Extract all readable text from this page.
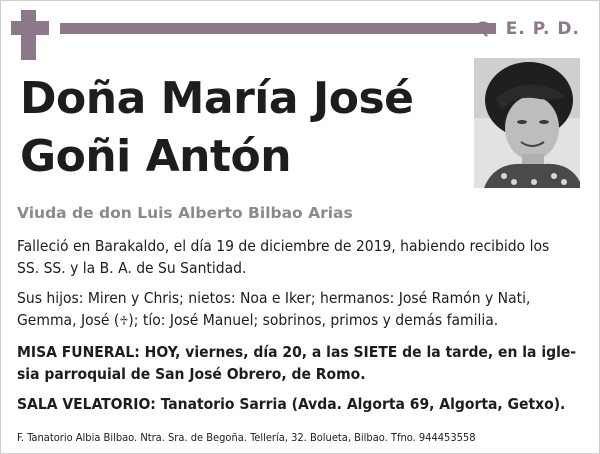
Q. E. P. D.
Doña María José
Goñi Antón
Viuda de don Luis Alberto Bilbao Arias
Falleció en Barakaldo, el día 19 de diciembre de 2019, habiendo recibido los
SS. SS. y la B. A. de Su Santidad.
Sus hijos: Miren y Chris; nietos: Noa e Iker; hermanos: José Ramón y Nati,
Gemma, José (♱); tío: José Manuel; sobrinos, primos y demás familia.
MISA FUNERAL: HOY, viernes, día 20, a las SIETE de la tarde, en la igle-
sia parroquial de San José Obrero, de Romo.
SALA VELATORIO: Tanatorio Sarria (Avda. Algorta 69, Algorta, Getxo).
F. Tanatorio Albia Bilbao. Ntra. Sra. de Begoña. Tellería, 32. Bolueta, Bilbao. Tfno. 944453558
